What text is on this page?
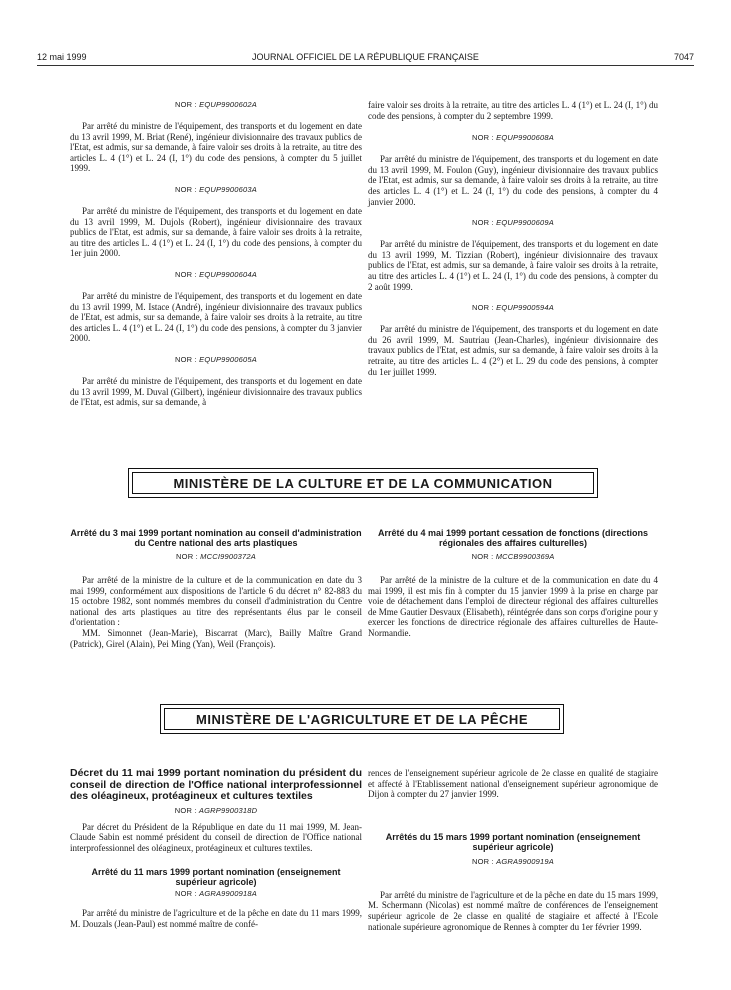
12 mai 1999	JOURNAL OFFICIEL DE LA RÉPUBLIQUE FRANÇAISE	7047
NOR : EQUP9900602A
Par arrêté du ministre de l'équipement, des transports et du logement en date du 13 avril 1999, M. Briat (René), ingénieur divisionnaire des travaux publics de l'Etat, est admis, sur sa demande, à faire valoir ses droits à la retraite, au titre des articles L. 4 (1°) et L. 24 (I, 1°) du code des pensions, à compter du 5 juillet 1999.
NOR : EQUP9900603A
Par arrêté du ministre de l'équipement, des transports et du logement en date du 13 avril 1999, M. Dujols (Robert), ingénieur divisionnaire des travaux publics de l'Etat, est admis, sur sa demande, à faire valoir ses droits à la retraite, au titre des articles L. 4 (1°) et L. 24 (I, 1°) du code des pensions, à compter du 1er juin 2000.
NOR : EQUP9900604A
Par arrêté du ministre de l'équipement, des transports et du logement en date du 13 avril 1999, M. Istace (André), ingénieur divisionnaire des travaux publics de l'Etat, est admis, sur sa demande, à faire valoir ses droits à la retraite, au titre des articles L. 4 (1°) et L. 24 (I, 1°) du code des pensions, à compter du 3 janvier 2000.
NOR : EQUP9900605A
Par arrêté du ministre de l'équipement, des transports et du logement en date du 13 avril 1999, M. Duval (Gilbert), ingénieur divisionnaire des travaux publics de l'Etat, est admis, sur sa demande, à
faire valoir ses droits à la retraite, au titre des articles L. 4 (1°) et L. 24 (I, 1°) du code des pensions, à compter du 2 septembre 1999.
NOR : EQUP9900608A
Par arrêté du ministre de l'équipement, des transports et du logement en date du 13 avril 1999, M. Foulon (Guy), ingénieur divisionnaire des travaux publics de l'Etat, est admis, sur sa demande, à faire valoir ses droits à la retraite, au titre des articles L. 4 (1°) et L. 24 (I, 1°) du code des pensions, à compter du 4 janvier 2000.
NOR : EQUP9900609A
Par arrêté du ministre de l'équipement, des transports et du logement en date du 13 avril 1999, M. Tizzian (Robert), ingénieur divisionnaire des travaux publics de l'Etat, est admis, sur sa demande, à faire valoir ses droits à la retraite, au titre des articles L. 4 (1°) et L. 24 (I, 1°) du code des pensions, à compter du 2 août 1999.
NOR : EQUP9900594A
Par arrêté du ministre de l'équipement, des transports et du logement en date du 26 avril 1999, M. Sautriau (Jean-Charles), ingénieur divisionnaire des travaux publics de l'Etat, est admis, sur sa demande, à faire valoir ses droits à la retraite, au titre des articles L. 4 (2°) et L. 29 du code des pensions, à compter du 1er juillet 1999.
MINISTÈRE DE LA CULTURE ET DE LA COMMUNICATION
Arrêté du 3 mai 1999 portant nomination au conseil d'administration du Centre national des arts plastiques
NOR : MCCI9900372A
Par arrêté de la ministre de la culture et de la communication en date du 3 mai 1999, conformément aux dispositions de l'article 6 du décret n° 82-883 du 15 octobre 1982, sont nommés membres du conseil d'administration du Centre national des arts plastiques au titre des représentants élus par le conseil d'orientation :
MM. Simonnet (Jean-Marie), Biscarrat (Marc), Bailly Maître Grand (Patrick), Girel (Alain), Pei Ming (Yan), Weil (François).
Arrêté du 4 mai 1999 portant cessation de fonctions (directions régionales des affaires culturelles)
NOR : MCCB9900369A
Par arrêté de la ministre de la culture et de la communication en date du 4 mai 1999, il est mis fin à compter du 15 janvier 1999 à la prise en charge par voie de détachement dans l'emploi de directeur régional des affaires culturelles de Mme Gautier Desvaux (Elisabeth), réintégrée dans son corps d'origine pour y exercer les fonctions de directrice régionale des affaires culturelles de Haute-Normandie.
MINISTÈRE DE L'AGRICULTURE ET DE LA PÊCHE
Décret du 11 mai 1999 portant nomination du président du conseil de direction de l'Office national interprofessionnel des oléagineux, protéagineux et cultures textiles
NOR : AGRP9900318D
Par décret du Président de la République en date du 11 mai 1999, M. Jean-Claude Sabin est nommé président du conseil de direction de l'Office national interprofessionnel des oléagineux, protéagineux et cultures textiles.
Arrêté du 11 mars 1999 portant nomination (enseignement supérieur agricole)
NOR : AGRA9900918A
Par arrêté du ministre de l'agriculture et de la pêche en date du 11 mars 1999, M. Douzals (Jean-Paul) est nommé maître de confé-
rences de l'enseignement supérieur agricole de 2e classe en qualité de stagiaire et affecté à l'Etablissement national d'enseignement supérieur agronomique de Dijon à compter du 27 janvier 1999.
Arrêtés du 15 mars 1999 portant nomination (enseignement supérieur agricole)
NOR : AGRA9900919A
Par arrêté du ministre de l'agriculture et de la pêche en date du 15 mars 1999, M. Schermann (Nicolas) est nommé maître de conférences de l'enseignement supérieur agricole de 2e classe en qualité de stagiaire et affecté à l'Ecole nationale supérieure agronomique de Rennes à compter du 1er février 1999.
